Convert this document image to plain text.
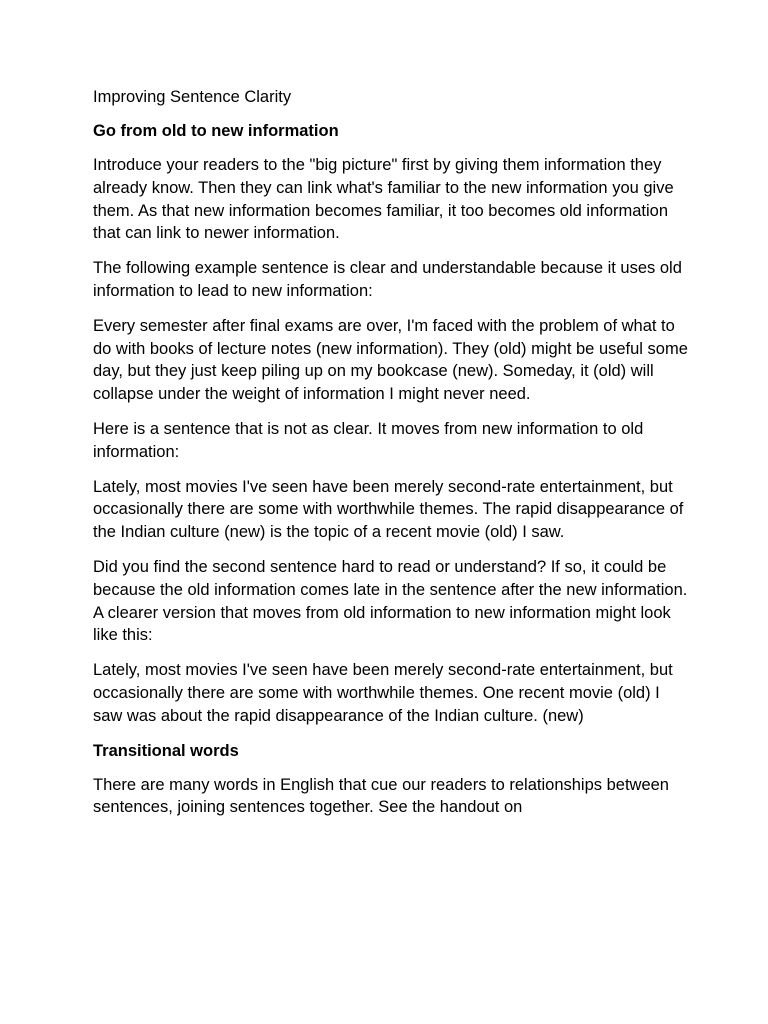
Improving Sentence Clarity
Go from old to new information

Introduce your readers to the "big picture" first by giving them information they already know. Then they can link what's familiar to the new information you give them. As that new information becomes familiar, it too becomes old information that can link to newer information.

The following example sentence is clear and understandable because it uses old information to lead to new information:

Every semester after final exams are over, I'm faced with the problem of what to do with books of lecture notes (new information). They (old) might be useful some day, but they just keep piling up on my bookcase (new). Someday, it (old) will collapse under the weight of information I might never need.

Here is a sentence that is not as clear. It moves from new information to old information:

Lately, most movies I've seen have been merely second-rate entertainment, but occasionally there are some with worthwhile themes. The rapid disappearance of the Indian culture (new) is the topic of a recent movie (old) I saw.

Did you find the second sentence hard to read or understand? If so, it could be because the old information comes late in the sentence after the new information. A clearer version that moves from old information to new information might look like this:

Lately, most movies I've seen have been merely second-rate entertainment, but occasionally there are some with worthwhile themes. One recent movie (old) I saw was about the rapid disappearance of the Indian culture. (new)

Transitional words

There are many words in English that cue our readers to relationships between sentences, joining sentences together. See the handout on
